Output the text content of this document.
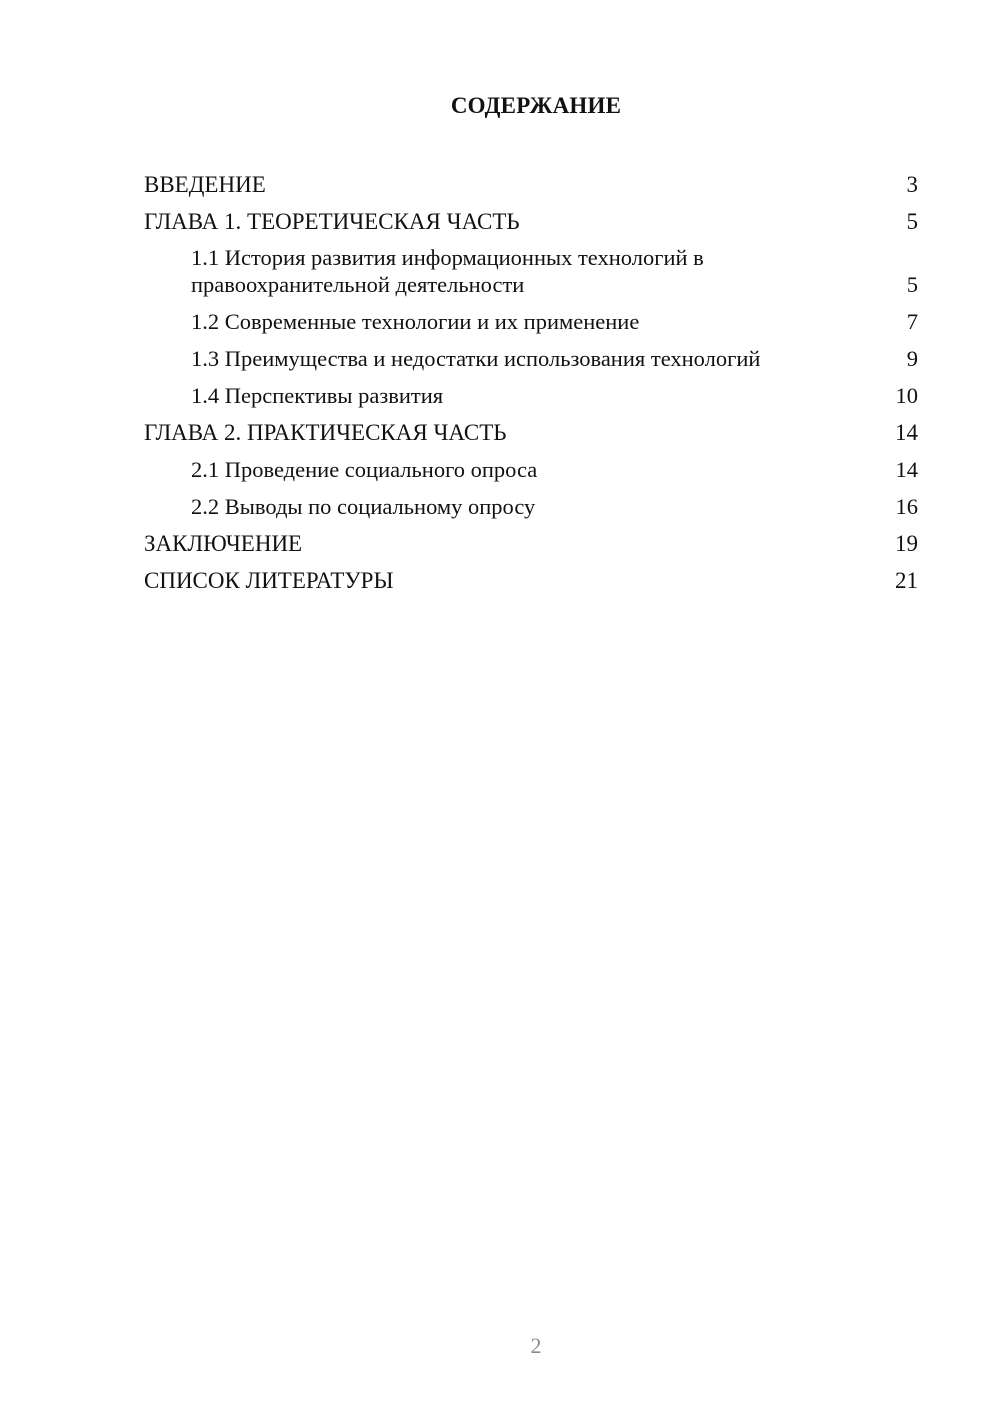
СОДЕРЖАНИЕ
ВВЕДЕНИЕ	3
ГЛАВА 1. ТЕОРЕТИЧЕСКАЯ ЧАСТЬ	5
1.1 История развития информационных технологий в
правоохранительной деятельности	5
1.2 Современные технологии и их применение	7
1.3 Преимущества и недостатки использования технологий	9
1.4 Перспективы развития	10
ГЛАВА 2. ПРАКТИЧЕСКАЯ ЧАСТЬ	14
2.1 Проведение социального опроса	14
2.2 Выводы по социальному опросу	16
ЗАКЛЮЧЕНИЕ	19
СПИСОК ЛИТЕРАТУРЫ	21
2
